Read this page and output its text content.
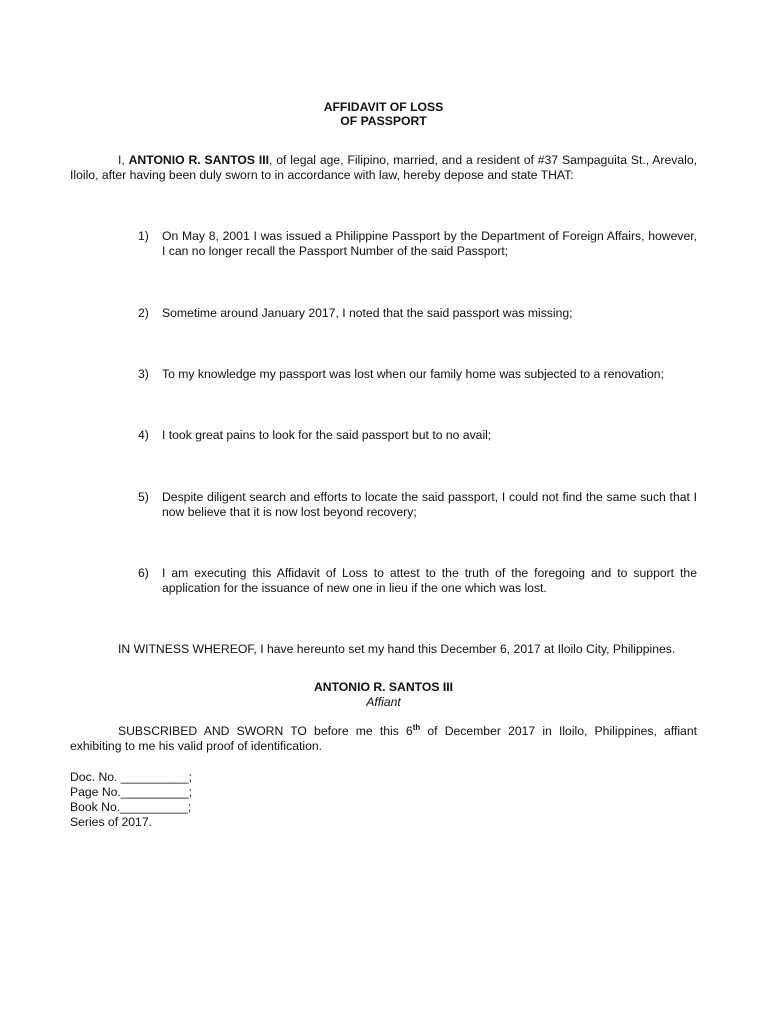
AFFIDAVIT OF LOSS
OF PASSPORT

I, ANTONIO R. SANTOS III, of legal age, Filipino, married, and a resident of #37 Sampaguita St., Arevalo, Iloilo, after having been duly sworn to in accordance with law, hereby depose and state THAT:

1)	On May 8, 2001 I was issued a Philippine Passport by the Department of Foreign Affairs, however, I can no longer recall the Passport Number of the said Passport;
2)	Sometime around January 2017, I noted that the said passport was missing;
3)	To my knowledge my passport was lost when our family home was subjected to a renovation;
4)	I took great pains to look for the said passport but to no avail;
5)	Despite diligent search and efforts to locate the said passport, I could not find the same such that I now believe that it is now lost beyond recovery;
6)	I am executing this Affidavit of Loss to attest to the truth of the foregoing and to support the application for the issuance of new one in lieu if the one which was lost.

IN WITNESS WHEREOF, I have hereunto set my hand this December 6, 2017 at Iloilo City, Philippines.

ANTONIO R. SANTOS III
Affiant

SUBSCRIBED AND SWORN TO before me this 6th of December 2017 in Iloilo, Philippines, affiant exhibiting to me his valid proof of identification.

Doc. No. __________;
Page No.__________;
Book No.__________;
Series of 2017.
